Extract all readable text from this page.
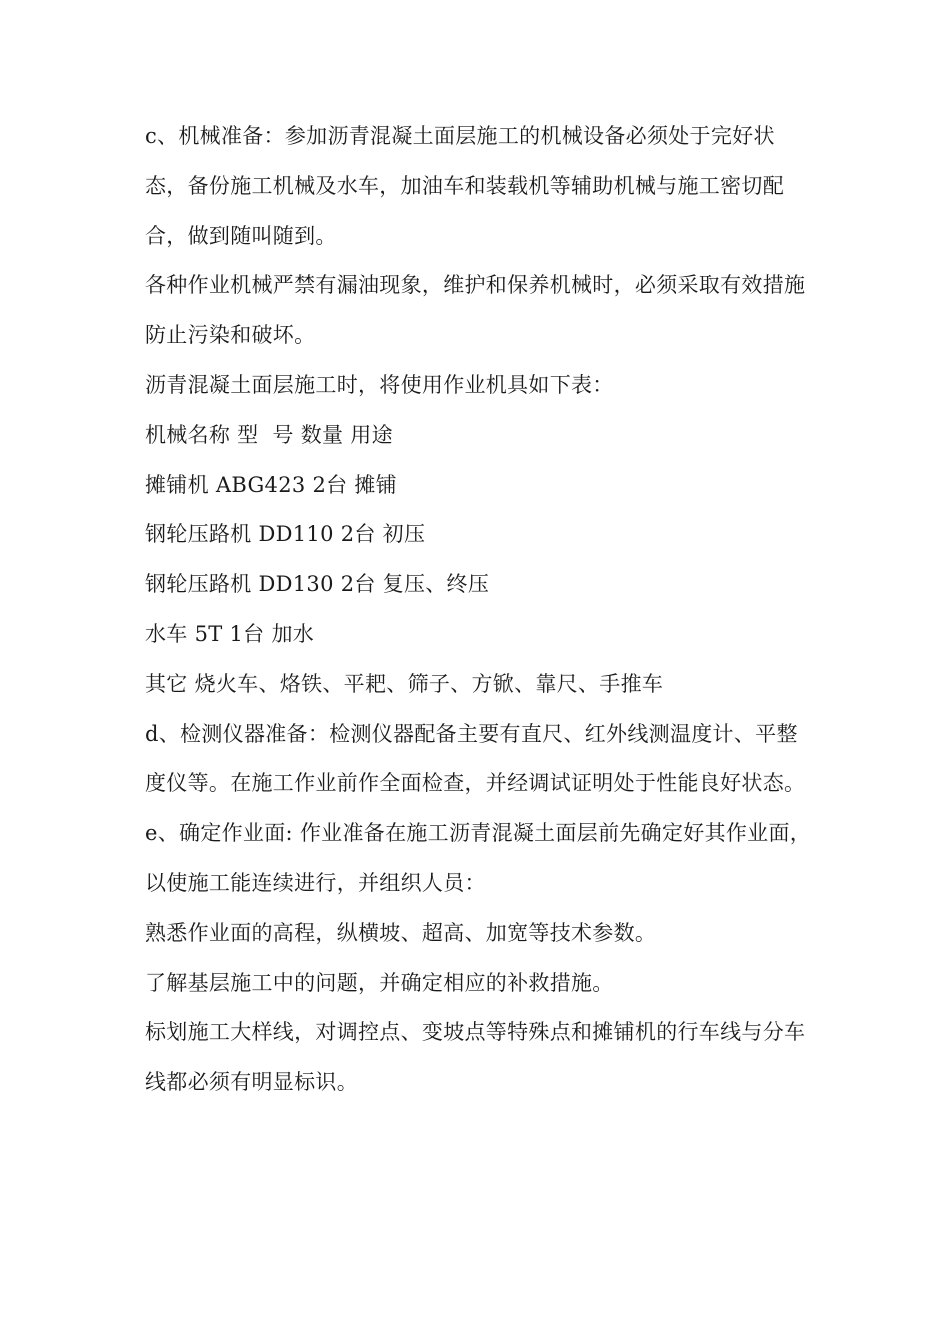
c、机械准备：参加沥青混凝土面层施工的机械设备必须处于完好状态，备份施工机械及水车，加油车和装载机等辅助机械与施工密切配合，做到随叫随到。

各种作业机械严禁有漏油现象，维护和保养机械时，必须采取有效措施防止污染和破坏。

沥青混凝土面层施工时，将使用作业机具如下表：

机械名称 型  号 数量 用途

摊铺机 ABG423 2台 摊铺

钢轮压路机 DD110 2台 初压

钢轮压路机 DD130 2台 复压、终压

水车 5T 1台 加水

其它 烧火车、烙铁、平耙、筛子、方锨、靠尺、手推车

d、检测仪器准备：检测仪器配备主要有直尺、红外线测温度计、平整度仪等。在施工作业前作全面检查，并经调试证明处于性能良好状态。

e、确定作业面: 作业准备在施工沥青混凝土面层前先确定好其作业面，以使施工能连续进行，并组织人员：

熟悉作业面的高程，纵横坡、超高、加宽等技术参数。

了解基层施工中的问题，并确定相应的补救措施。

标划施工大样线，对调控点、变坡点等特殊点和摊铺机的行车线与分车线都必须有明显标识。
